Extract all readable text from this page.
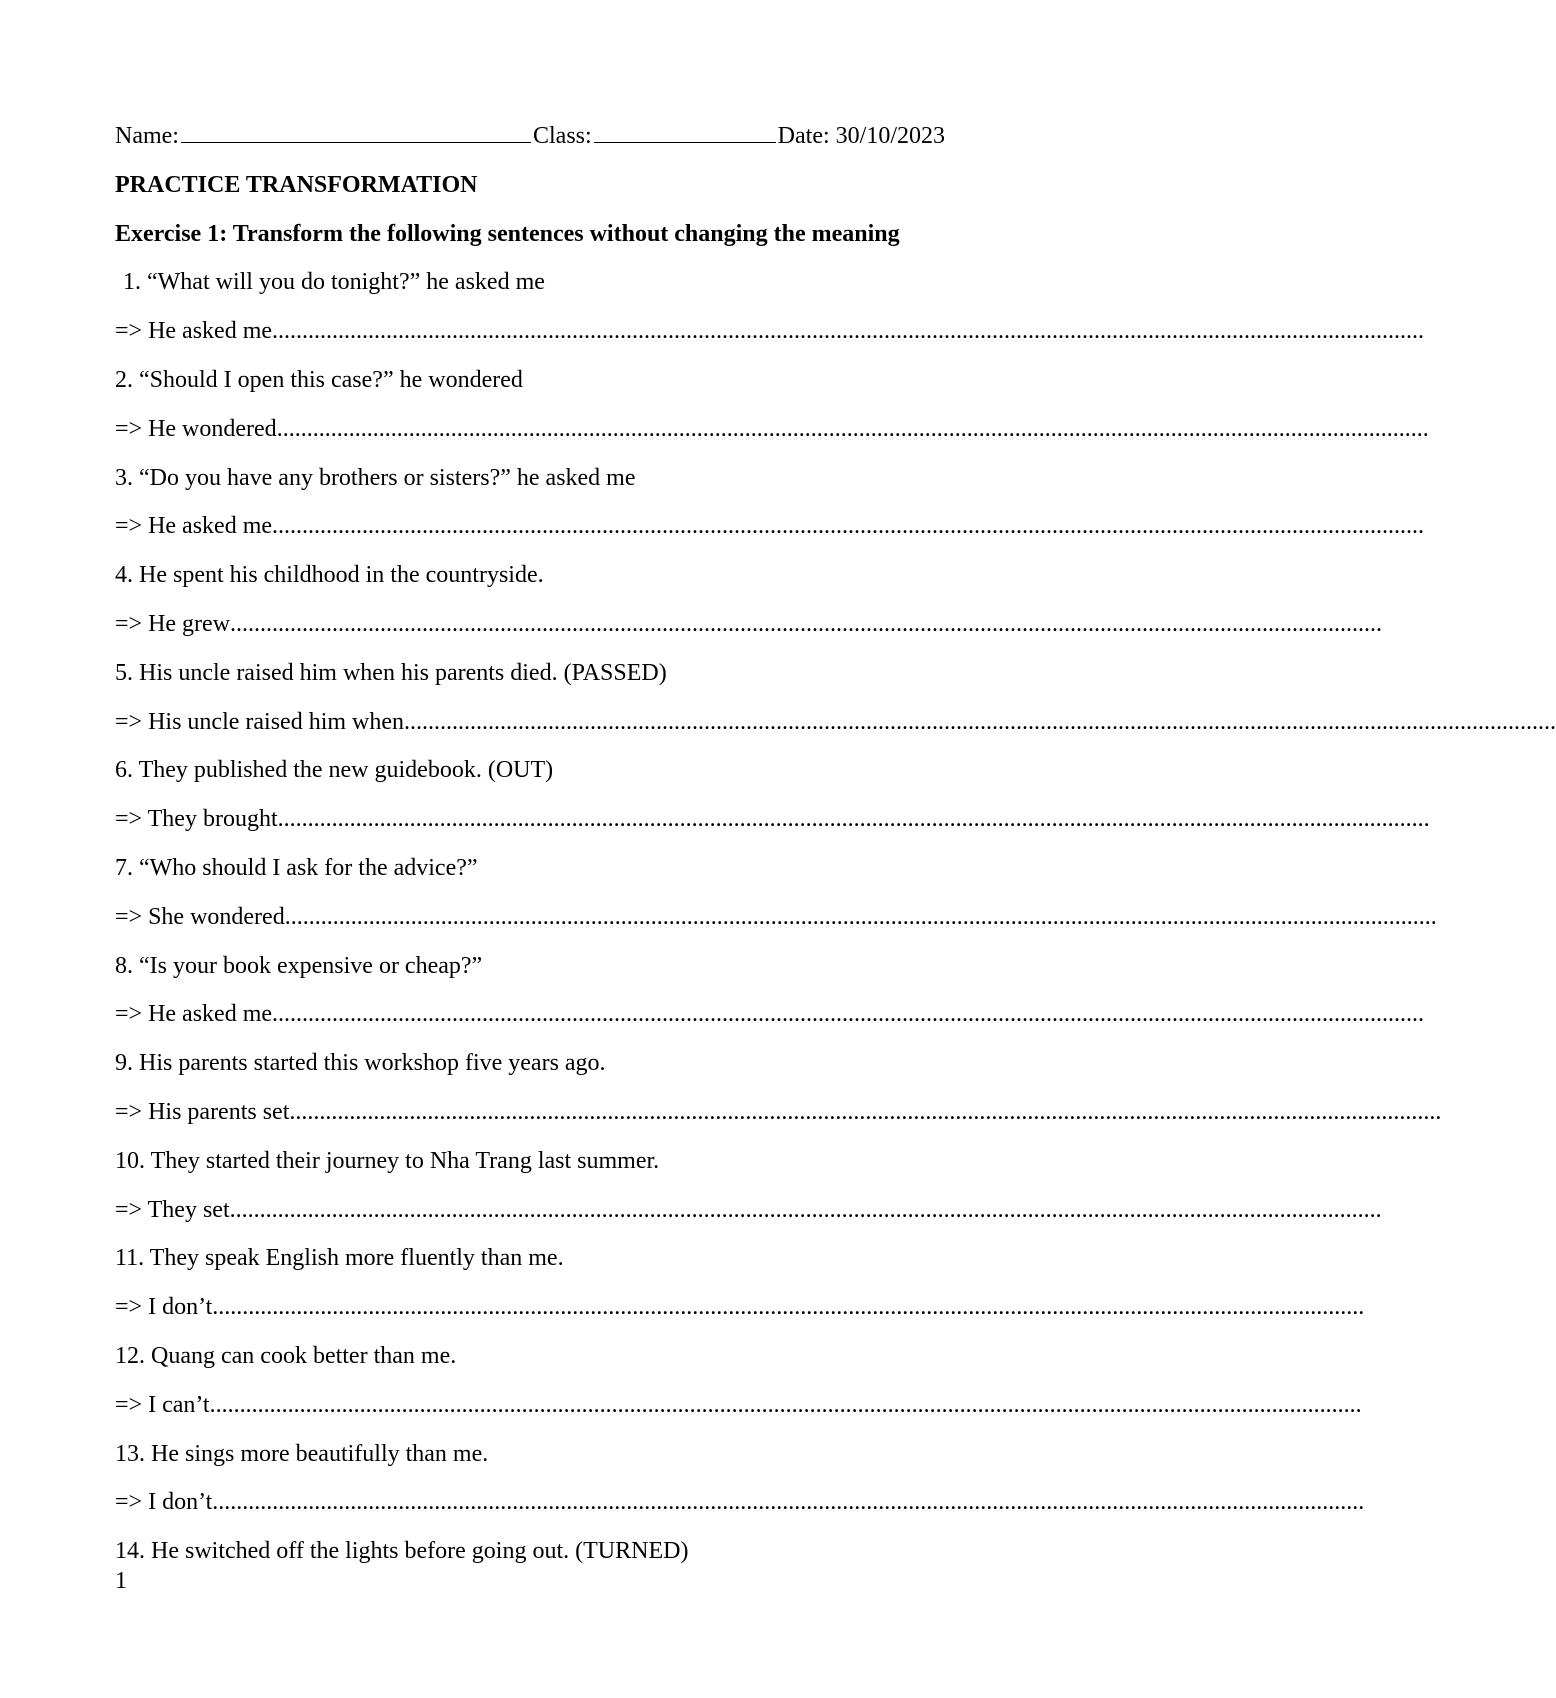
Name:	Class:	Date: 30/10/2023
PRACTICE TRANSFORMATION
Exercise 1: Transform the following sentences without changing the meaning
1. “What will you do tonight?” he asked me
=> He asked me ................................................................................................................................................................................................
2. “Should I open this case?” he wondered
=> He wondered ................................................................................................................................................................................................
3. “Do you have any brothers or sisters?” he asked me
=> He asked me ................................................................................................................................................................................................
4. He spent his childhood in the countryside.
=> He grew ................................................................................................................................................................................................
5. His uncle raised him when his parents died. (PASSED)
=> His uncle raised him when ................................................................................................................................................................................................
6. They published the new guidebook. (OUT)
=> They brought ................................................................................................................................................................................................
7. “Who should I ask for the advice?”
=> She wondered ................................................................................................................................................................................................
8. “Is your book expensive or cheap?”
=> He asked me ................................................................................................................................................................................................
9. His parents started this workshop five years ago.
=> His parents set ................................................................................................................................................................................................
10. They started their journey to Nha Trang last summer.
=> They set ................................................................................................................................................................................................
11. They speak English more fluently than me.
=> I don’t ................................................................................................................................................................................................
12. Quang can cook better than me.
=> I can’t ................................................................................................................................................................................................
13. He sings more beautifully than me.
=> I don’t ................................................................................................................................................................................................
14. He switched off the lights before going out. (TURNED)
1
